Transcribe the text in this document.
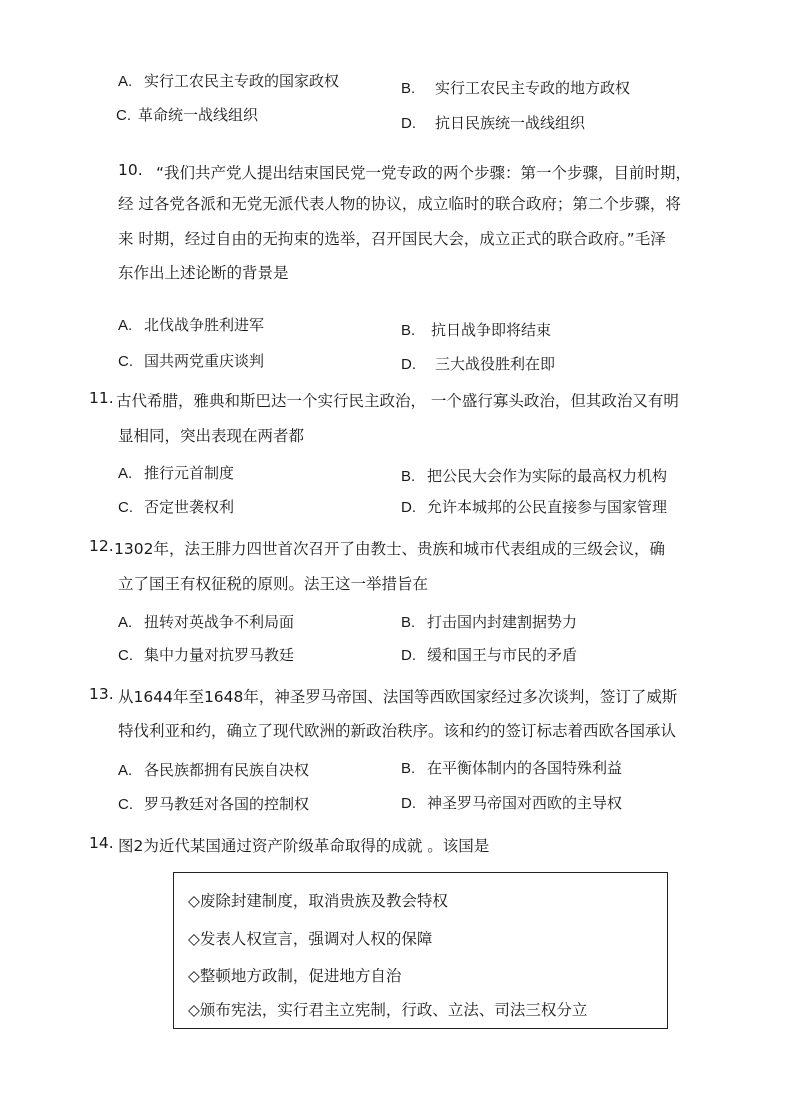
A. 实行工农民主专政的国家政权	B. 实行工农民主专政的地方政权
C. 革命统一战线组织	D. 抗日民族统一战线组织
10. “我们共产党人提出结束国民党一党专政的两个步骤：第一个步骤，目前时期，
经 过各党各派和无党无派代表人物的协议，成立临时的联合政府；第二个步骤，将
来 时期，经过自由的无拘束的选举，召开国民大会，成立正式的联合政府。”毛泽
东作出上述论断的背景是
A. 北伐战争胜利进军	B. 抗日战争即将结束
C. 国共两党重庆谈判	D. 三大战役胜利在即
11. 古代希腊，雅典和斯巴达一个实行民主政治， 一个盛行寡头政治，但其政治又有明
显相同，突出表现在两者都
A. 推行元首制度	B. 把公民大会作为实际的最高权力机构
C. 否定世袭权利	D. 允许本城邦的公民直接参与国家管理
12. 1302年，法王腓力四世首次召开了由教士、贵族和城市代表组成的三级会议，确
立了国王有权征税的原则。法王这一举措旨在
A. 扭转对英战争不利局面	B. 打击国内封建割据势力
C. 集中力量对抗罗马教廷	D. 缓和国王与市民的矛盾
13. 从1644年至1648年，神圣罗马帝国、法国等西欧国家经过多次谈判，签订了威斯
特伐利亚和约，确立了现代欧洲的新政治秩序。该和约的签订标志着西欧各国承认
A. 各民族都拥有民族自决权	B. 在平衡体制内的各国特殊利益
C. 罗马教廷对各国的控制权	D. 神圣罗马帝国对西欧的主导权
14. 图2为近代某国通过资产阶级革命取得的成就 。该国是
◇废除封建制度，取消贵族及教会特权
◇发表人权宣言，强调对人权的保障
◇整顿地方政制，促进地方自治
◇颁布宪法，实行君主立宪制，行政、立法、司法三权分立
